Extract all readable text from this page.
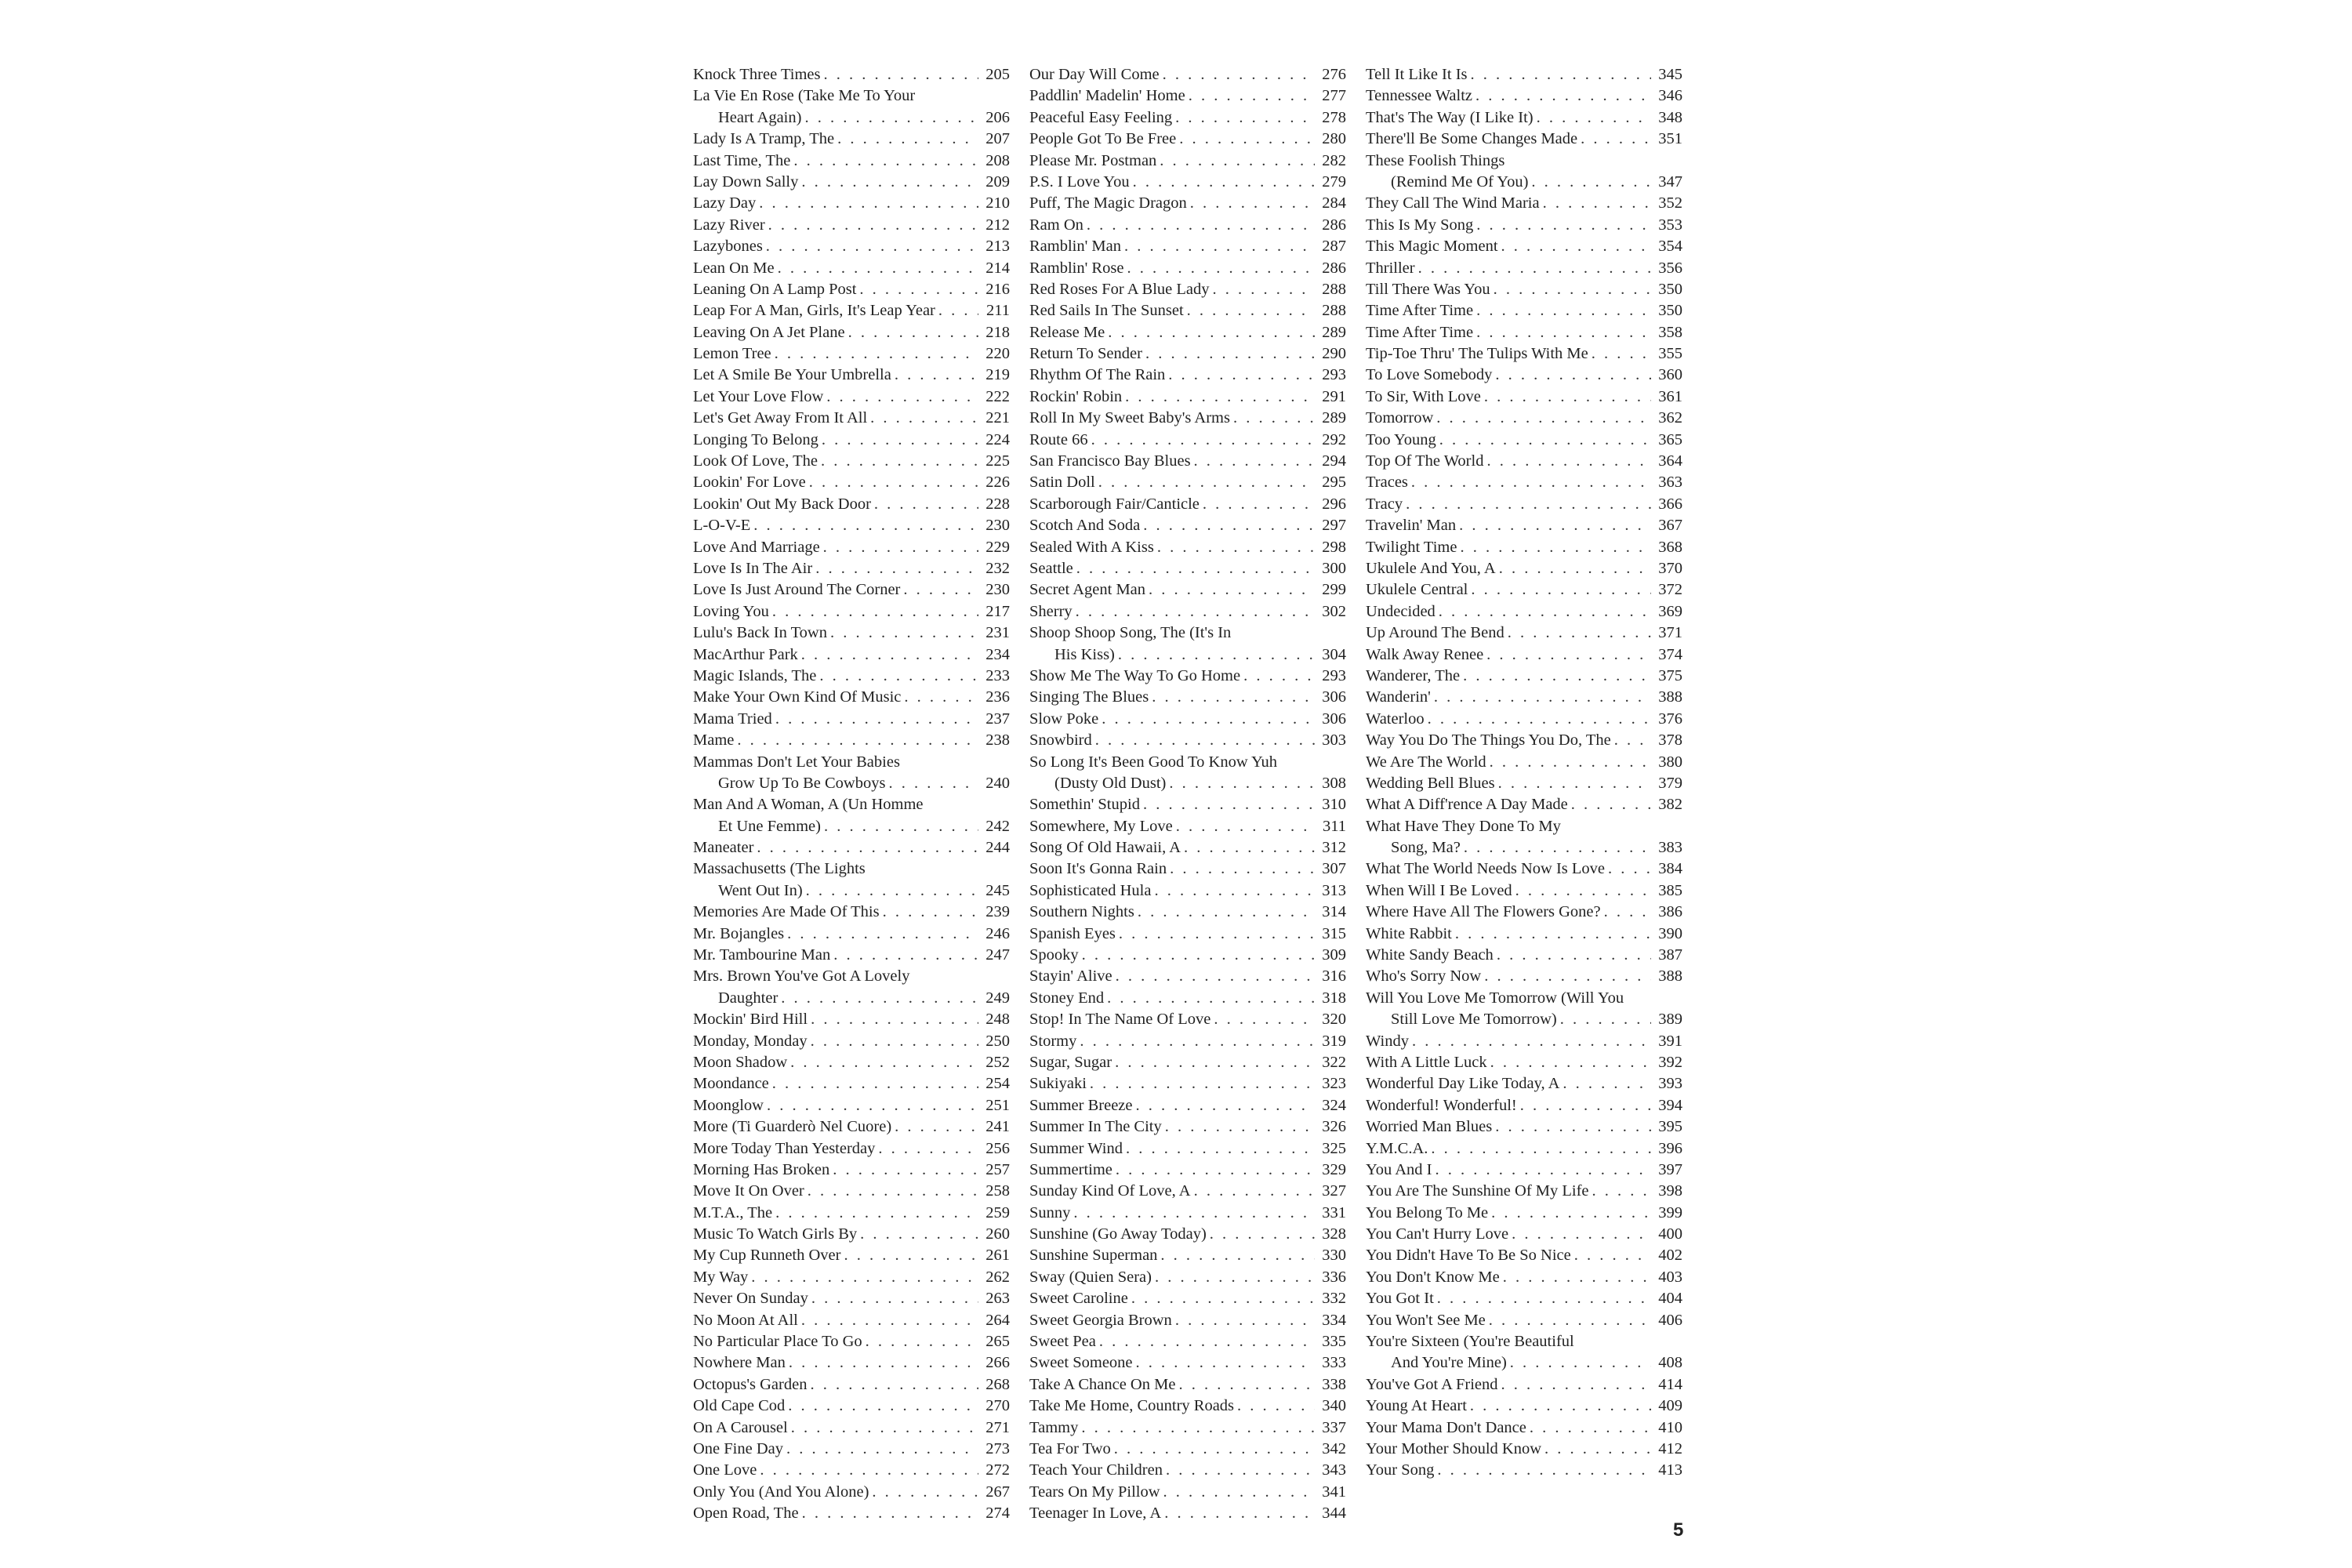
Knock Three Times . . .	205
La Vie En Rose (Take Me To Your
Heart Again) . . .	206
Lady Is A Tramp, The . . .	207
Last Time, The . . .	208
Lay Down Sally . . .	209
Lazy Day . . .	210
Lazy River . . .	212
Lazybones . . .	213
Lean On Me . . .	214
Leaning On A Lamp Post . . .	216
Leap For A Man, Girls, It's Leap Year . . .	211
Leaving On A Jet Plane . . .	218
Lemon Tree . . .	220
Let A Smile Be Your Umbrella . . .	219
Let Your Love Flow . . .	222
Let's Get Away From It All . . .	221
Longing To Belong . . .	224
Look Of Love, The . . .	225
Lookin' For Love . . .	226
Lookin' Out My Back Door . . .	228
L-O-V-E . . .	230
Love And Marriage . . .	229
Love Is In The Air . . .	232
Love Is Just Around The Corner . . .	230
Loving You . . .	217
Lulu's Back In Town . . .	231
MacArthur Park . . .	234
Magic Islands, The . . .	233
Make Your Own Kind Of Music . . .	236
Mama Tried . . .	237
Mame . . .	238
Mammas Don't Let Your Babies
Grow Up To Be Cowboys . . .	240
Man And A Woman, A (Un Homme
Et Une Femme) . . .	242
Maneater . . .	244
Massachusetts (The Lights
Went Out In) . . .	245
Memories Are Made Of This . . .	239
Mr. Bojangles . . .	246
Mr. Tambourine Man . . .	247
Mrs. Brown You've Got A Lovely
Daughter . . .	249
Mockin' Bird Hill . . .	248
Monday, Monday . . .	250
Moon Shadow . . .	252
Moondance . . .	254
Moonglow . . .	251
More (Ti Guarderò Nel Cuore) . . .	241
More Today Than Yesterday . . .	256
Morning Has Broken . . .	257
Move It On Over . . .	258
M.T.A., The . . .	259
Music To Watch Girls By . . .	260
My Cup Runneth Over . . .	261
My Way . . .	262
Never On Sunday . . .	263
No Moon At All . . .	264
No Particular Place To Go . . .	265
Nowhere Man . . .	266
Octopus's Garden . . .	268
Old Cape Cod . . .	270
On A Carousel . . .	271
One Fine Day . . .	273
One Love . . .	272
Only You (And You Alone) . . .	267
Open Road, The . . .	274
Our Day Will Come . . .	276
Paddlin' Madelin' Home . . .	277
Peaceful Easy Feeling . . .	278
People Got To Be Free . . .	280
Please Mr. Postman . . .	282
P.S. I Love You . . .	279
Puff, The Magic Dragon . . .	284
Ram On . . .	286
Ramblin' Man . . .	287
Ramblin' Rose . . .	286
Red Roses For A Blue Lady . . .	288
Red Sails In The Sunset . . .	288
Release Me . . .	289
Return To Sender . . .	290
Rhythm Of The Rain . . .	293
Rockin' Robin . . .	291
Roll In My Sweet Baby's Arms . . .	289
Route 66 . . .	292
San Francisco Bay Blues . . .	294
Satin Doll . . .	295
Scarborough Fair/Canticle . . .	296
Scotch And Soda . . .	297
Sealed With A Kiss . . .	298
Seattle . . .	300
Secret Agent Man . . .	299
Sherry . . .	302
Shoop Shoop Song, The (It's In
His Kiss) . . .	304
Show Me The Way To Go Home . . .	293
Singing The Blues . . .	306
Slow Poke . . .	306
Snowbird . . .	303
So Long It's Been Good To Know Yuh
(Dusty Old Dust) . . .	308
Somethin' Stupid . . .	310
Somewhere, My Love . . .	311
Song Of Old Hawaii, A . . .	312
Soon It's Gonna Rain . . .	307
Sophisticated Hula . . .	313
Southern Nights . . .	314
Spanish Eyes . . .	315
Spooky . . .	309
Stayin' Alive . . .	316
Stoney End . . .	318
Stop! In The Name Of Love . . .	320
Stormy . . .	319
Sugar, Sugar . . .	322
Sukiyaki . . .	323
Summer Breeze . . .	324
Summer In The City . . .	326
Summer Wind . . .	325
Summertime . . .	329
Sunday Kind Of Love, A . . .	327
Sunny . . .	331
Sunshine (Go Away Today) . . .	328
Sunshine Superman . . .	330
Sway (Quien Sera) . . .	336
Sweet Caroline . . .	332
Sweet Georgia Brown . . .	334
Sweet Pea . . .	335
Sweet Someone . . .	333
Take A Chance On Me . . .	338
Take Me Home, Country Roads . . .	340
Tammy . . .	337
Tea For Two . . .	342
Teach Your Children . . .	343
Tears On My Pillow . . .	341
Teenager In Love, A . . .	344
Tell It Like It Is . . .	345
Tennessee Waltz . . .	346
That's The Way (I Like It) . . .	348
There'll Be Some Changes Made . . .	351
These Foolish Things
(Remind Me Of You) . . .	347
They Call The Wind Maria . . .	352
This Is My Song . . .	353
This Magic Moment . . .	354
Thriller . . .	356
Till There Was You . . .	350
Time After Time . . .	350
Time After Time . . .	358
Tip-Toe Thru' The Tulips With Me . . .	355
To Love Somebody . . .	360
To Sir, With Love . . .	361
Tomorrow . . .	362
Too Young . . .	365
Top Of The World . . .	364
Traces . . .	363
Tracy . . .	366
Travelin' Man . . .	367
Twilight Time . . .	368
Ukulele And You, A . . .	370
Ukulele Central . . .	372
Undecided . . .	369
Up Around The Bend . . .	371
Walk Away Renee . . .	374
Wanderer, The . . .	375
Wanderin' . . .	388
Waterloo . . .	376
Way You Do The Things You Do, The . . .	378
We Are The World . . .	380
Wedding Bell Blues . . .	379
What A Diff'rence A Day Made . . .	382
What Have They Done To My
Song, Ma? . . .	383
What The World Needs Now Is Love . . .	384
When Will I Be Loved . . .	385
Where Have All The Flowers Gone? . . .	386
White Rabbit . . .	390
White Sandy Beach . . .	387
Who's Sorry Now . . .	388
Will You Love Me Tomorrow (Will You
Still Love Me Tomorrow) . . .	389
Windy . . .	391
With A Little Luck . . .	392
Wonderful Day Like Today, A . . .	393
Wonderful! Wonderful! . . .	394
Worried Man Blues . . .	395
Y.M.C.A. . . .	396
You And I . . .	397
You Are The Sunshine Of My Life . . .	398
You Belong To Me . . .	399
You Can't Hurry Love . . .	400
You Didn't Have To Be So Nice . . .	402
You Don't Know Me . . .	403
You Got It . . .	404
You Won't See Me . . .	406
You're Sixteen (You're Beautiful
And You're Mine) . . .	408
You've Got A Friend . . .	414
Young At Heart . . .	409
Your Mama Don't Dance . . .	410
Your Mother Should Know . . .	412
Your Song . . .	413
5
